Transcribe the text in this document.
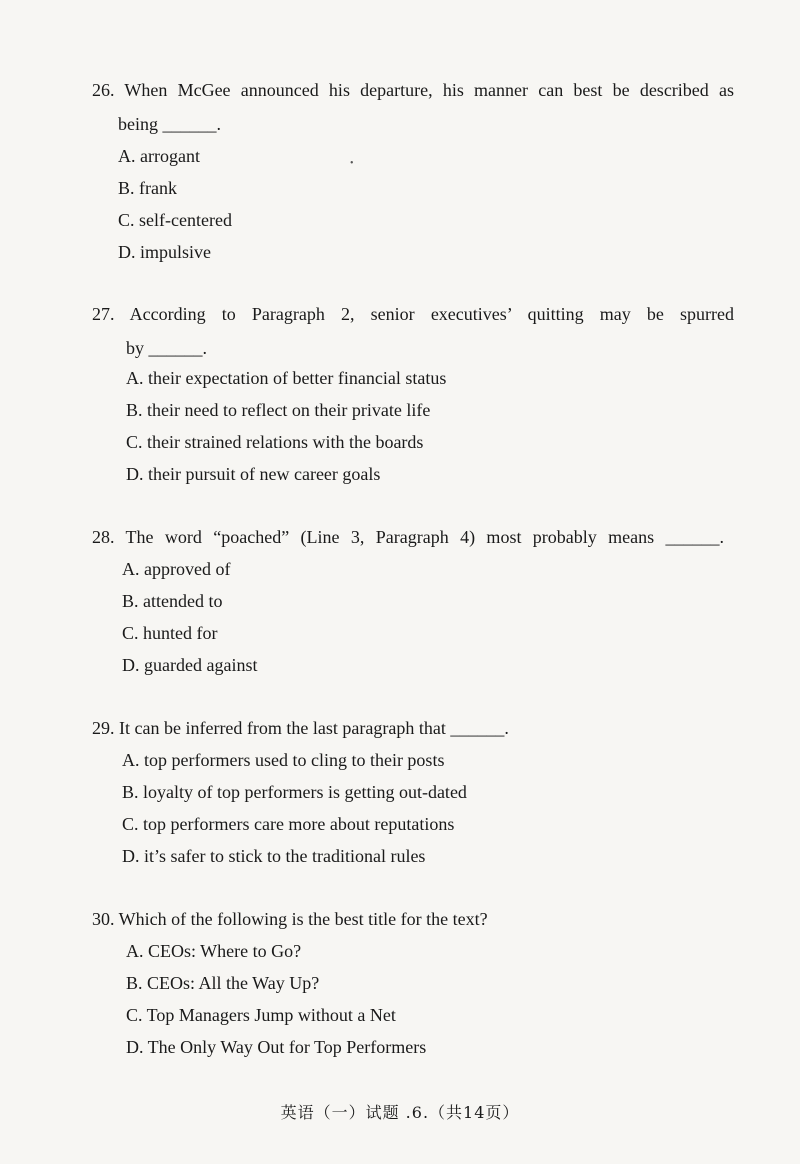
26. When McGee announced his departure, his manner can best be described as
being ______.
A. arrogant
B. frank
C. self-centered
D. impulsive
•
27. According to Paragraph 2, senior executives’ quitting may be spurred
by ______.
A. their expectation of better financial status
B. their need to reflect on their private life
C. their strained relations with the boards
D. their pursuit of new career goals
28. The word “poached” (Line 3, Paragraph 4) most probably means ______.
A. approved of
B. attended to
C. hunted for
D. guarded against
29. It can be inferred from the last paragraph that ______.
A. top performers used to cling to their posts
B. loyalty of top performers is getting out-dated
C. top performers care more about reputations
D. it’s safer to stick to the traditional rules
30. Which of the following is the best title for the text?
A. CEOs: Where to Go?
B. CEOs: All the Way Up?
C. Top Managers Jump without a Net
D. The Only Way Out for Top Performers
英语（一）试题 .6.（共14页）
